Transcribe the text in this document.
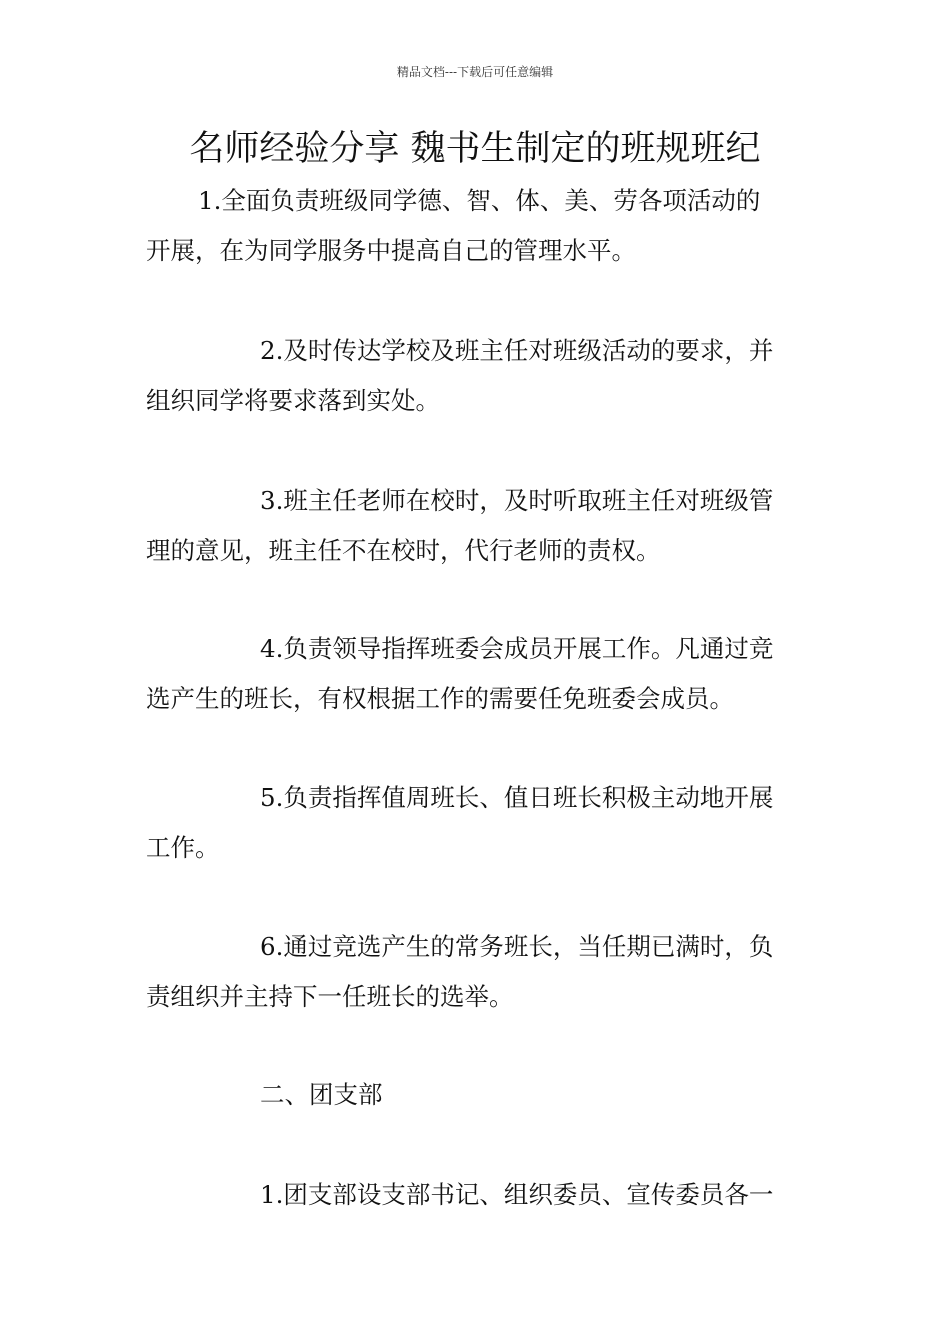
精品文档---下载后可任意编辑
名师经验分享 魏书生制定的班规班纪
1.全面负责班级同学德、智、体、美、劳各项活动的
开展，在为同学服务中提高自己的管理水平。
2.及时传达学校及班主任对班级活动的要求，并
组织同学将要求落到实处。
3.班主任老师在校时，及时听取班主任对班级管
理的意见，班主任不在校时，代行老师的责权。
4.负责领导指挥班委会成员开展工作。凡通过竞
选产生的班长，有权根据工作的需要任免班委会成员。
5.负责指挥值周班长、值日班长积极主动地开展
工作。
6.通过竞选产生的常务班长，当任期已满时，负
责组织并主持下一任班长的选举。
二、团支部
1.团支部设支部书记、组织委员、宣传委员各一
